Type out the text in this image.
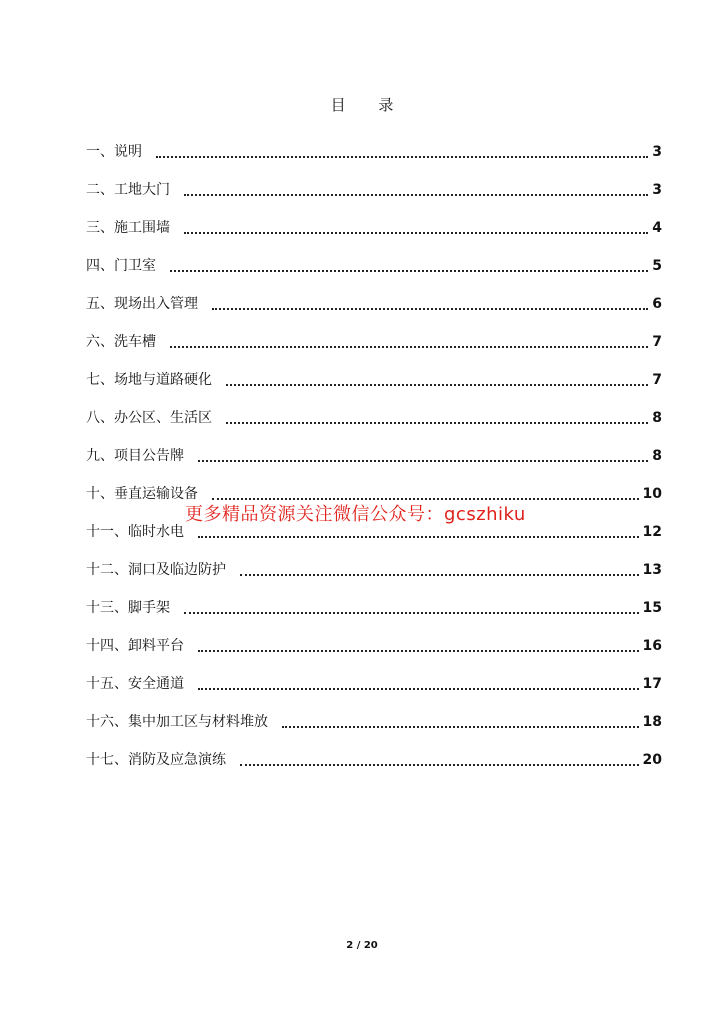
目 录
一、说明	3
二、工地大门	3
三、施工围墙	4
四、门卫室	5
五、现场出入管理	6
六、洗车槽	7
七、场地与道路硬化	7
八、办公区、生活区	8
九、项目公告牌	8
十、垂直运输设备	10
十一、临时水电	12
十二、洞口及临边防护	13
十三、脚手架	15
十四、卸料平台	16
十五、安全通道	17
十六、集中加工区与材料堆放	18
十七、消防及应急演练	20
更多精品资源关注微信公众号：gcszhiku
2 / 20
